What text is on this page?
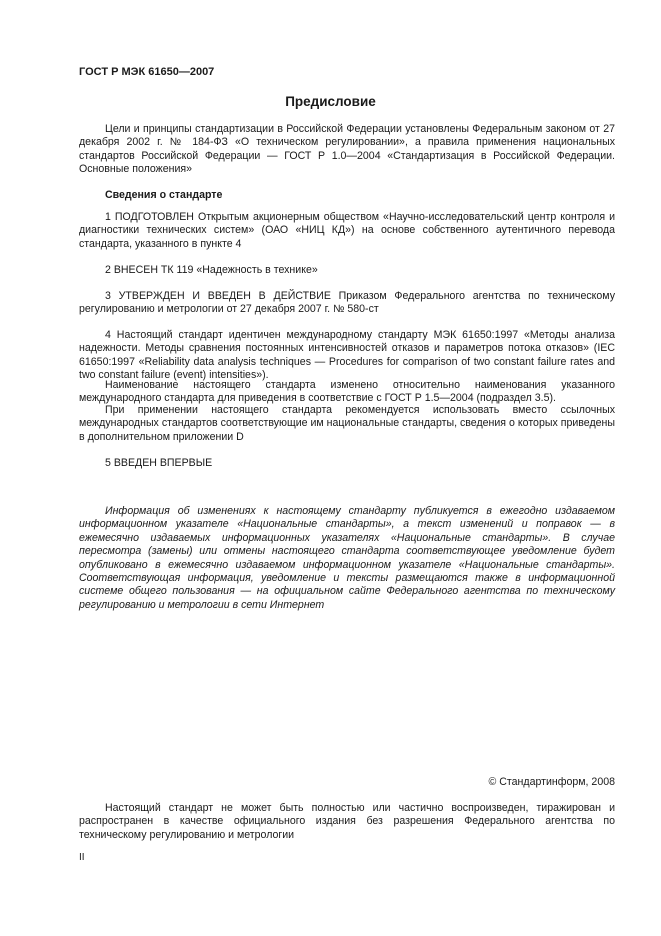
ГОСТ Р МЭК 61650—2007
Предисловие

Цели и принципы стандартизации в Российской Федерации установлены Федеральным законом от 27 декабря 2002 г. № 184-ФЗ «О техническом регулировании», а правила применения национальных стандартов Российской Федерации — ГОСТ Р 1.0—2004 «Стандартизация в Российской Федерации. Основные положения»

Сведения о стандарте

1 ПОДГОТОВЛЕН Открытым акционерным обществом «Научно-исследовательский центр контроля и диагностики технических систем» (ОАО «НИЦ КД») на основе собственного аутентичного перевода стандарта, указанного в пункте 4

2 ВНЕСЕН ТК 119 «Надежность в технике»

3 УТВЕРЖДЕН И ВВЕДЕН В ДЕЙСТВИЕ Приказом Федерального агентства по техническому регулированию и метрологии от 27 декабря 2007 г. № 580-ст

4 Настоящий стандарт идентичен международному стандарту МЭК 61650:1997 «Методы анализа надежности. Методы сравнения постоянных интенсивностей отказов и параметров потока отказов» (IEC 61650:1997 «Reliability data analysis techniques — Procedures for comparison of two constant failure rates and two constant failure (event) intensities»).

Наименование настоящего стандарта изменено относительно наименования указанного международного стандарта для приведения в соответствие с ГОСТ Р 1.5—2004 (подраздел 3.5).

При применении настоящего стандарта рекомендуется использовать вместо ссылочных международных стандартов соответствующие им национальные стандарты, сведения о которых приведены в дополнительном приложении D

5 ВВЕДЕН ВПЕРВЫЕ

Информация об изменениях к настоящему стандарту публикуется в ежегодно издаваемом информационном указателе «Национальные стандарты», а текст изменений и поправок — в ежемесячно издаваемых информационных указателях «Национальные стандарты». В случае пересмотра (замены) или отмены настоящего стандарта соответствующее уведомление будет опубликовано в ежемесячно издаваемом информационном указателе «Национальные стандарты». Соответствующая информация, уведомление и тексты размещаются также в информационной системе общего пользования — на официальном сайте Федерального агентства по техническому регулированию и метрологии в сети Интернет

© Стандартинформ, 2008

Настоящий стандарт не может быть полностью или частично воспроизведен, тиражирован и распространен в качестве официального издания без разрешения Федерального агентства по техническому регулированию и метрологии

II
